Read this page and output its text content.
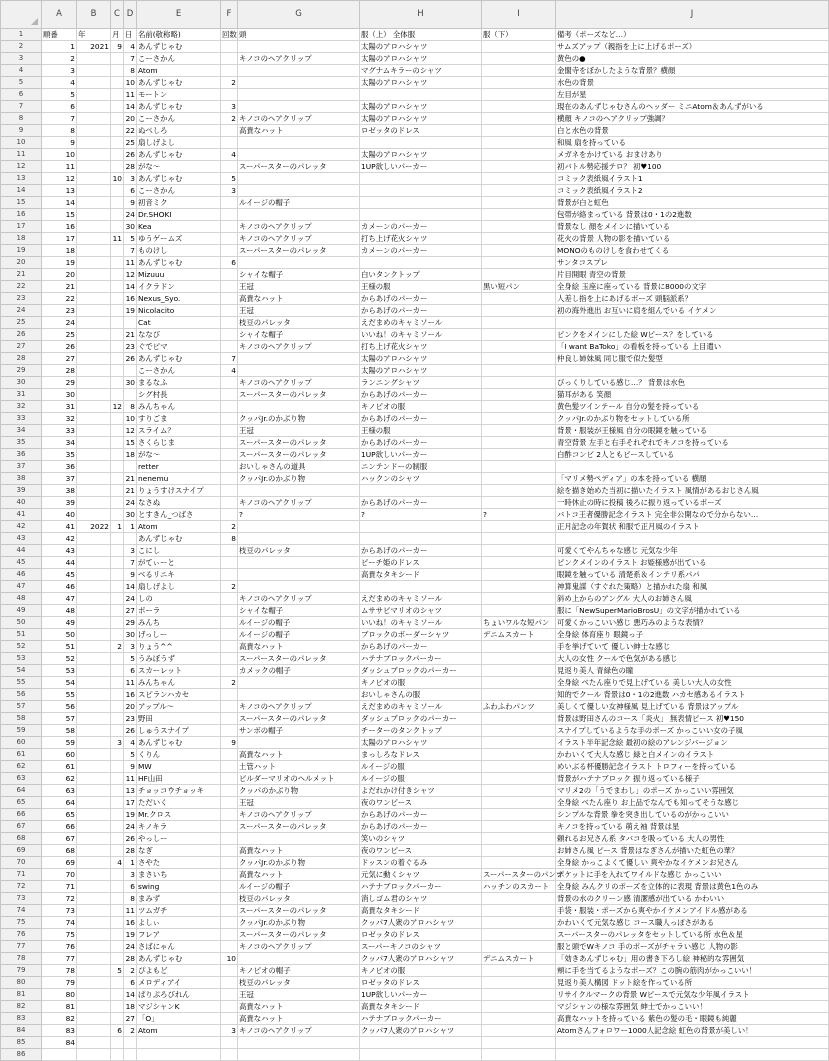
	A	B	C	D	E	F	G	H	I	J
1	順番	年	月	日	名前(敬称略)	回数	頭	服（上） 全体服	服（下）	備考（ポーズなど…）
2	1	2021	9	4	あんずじゃむ			太陽のアロハシャツ		サムズアップ（親指を上に上げるポーズ）
3	2			7	こーさかん		キノコのヘアクリップ	太陽のアロハシャツ		黄色の●
4	3			8	Atom			マグナムキラーのシャツ		金閣寺をぼかしたような背景？横顔
5	4			10	あんずじゃむ	2		太陽のアロハシャツ		水色の背景
6	5			11	モートン					左目が星
7	6			14	あんずじゃむ	3		太陽のアロハシャツ		現在のあんずじゃむさんのヘッダー ミニAtom＆あんずがいる
8	7			20	こーさかん	2	キノコのヘアクリップ	太陽のアロハシャツ		横顔 キノコのヘアクリップ強調？
9	8			22	ぬぺしろ		高貴なハット	ロゼッタのドレス		白と水色の背景
10	9			25	扇しげよし					和風 扇を持っている
11	10			26	あんずじゃむ	4		太陽のアロハシャツ		メガネをかけている おまけあり
12	11			28	がな～		スーパースターのパレッタ	1UP欲しいパーカー		初バトル勢応援テロ？ 初♥100
13	12		10	3	あんずじゃむ	5				コミック表紙風イラスト1
14	13			6	こーさかん	3				コミック表紙風イラスト2
15	14			9	初音ミク		ルイージの帽子			背景が白と虹色
16	15			24	Dr.SHOKI					包帯が絡まっている 背景は0・1の2進数
17	16			30	Kea		キノコのヘアクリップ	カメーンのパーカー		背景なし 顔をメインに描いている
18	17		11	5	ゆうゲームズ		キノコのヘアクリップ	打ち上げ花火シャツ		花火の背景 人物の影を描いている
19	18			7	ものけし		スーパースターのパレッタ	カメーンのパーカー		MONOのものけしを食わせてくる
20	19			11	あんずじゃむ	6				サンタコスプレ
21	20			12	Mizuuu		シャイな帽子	白いタンクトップ		片目開眼 青空の背景
22	21			14	イクラドン		王冠	王様の服	黒い短パン	全身絵 玉座に座っている 背景に8000の文字
23	22			16	Nexus_Syo.		高貴なハット	からあげのパーカー		人差し指を上にあげるポーズ 頭脳派系？
24	23			19	Nicolacito		王冠	からあげのパーカー		初の海外進出 お互いに肩を組んでいる イケメン
25	24				Cat		枝豆のパレッタ	えだまめのキャミソール		
26	25			21	ななび		シャイな帽子	いいね！のキャミソール		ピンクをメインにした絵 Wピース？をしている
27	26			23	ぐでピマ		キノコのヘアクリップ	打ち上げ花火シャツ		「I want BaToko」の看板を持っている 上目遣い
28	27			26	あんずじゃむ	7		太陽のアロハシャツ		仲良し姉妹風 同じ服で似た髪型
29	28				こーさかん	4		太陽のアロハシャツ		
30	29			30	まるなふ		キノコのヘアクリップ	ランニングシャツ		びっくりしている感じ…？ 背景は水色
31	30				シグ村長		スーパースターのパレッタ	からあげのパーカー		猫耳がある 笑顔
32	31		12	8	みんちゃん			キノピオの服		黄色髪ツインテール 自分の髪を持っている
33	32			10	すりごま		クッパJr.のかぶり物	からあげのパーカー		クッパJr.のかぶり物をセットしている所
34	33			12	スライム？		王冠	王様の服		背景・服装が王様風 自分の眼鏡を触っている
35	34			15	さくらじま		スーパースターのパレッタ	からあげのパーカー		青空背景 左手と右手それぞれでキノコを持っている
36	35			18	がな～		スーパースターのパレッタ	1UP欲しいパーカー		白酢コンビ 2人ともピースしている
37	36				retter		おいしゃさんの道具	ニンテンドーの制服		
38	37			21	nenemu		クッパJr.のかぶり物	ハックンのシャツ		「マリメ勢ペディア」の本を持っている 横顔
39	38			21	りょうすけスナイプ					絵を描き始めた当初に描いたイラスト 風情があるおじさん風
40	39			24	なさぬ		キノコのヘアクリップ	からあげのパーカー		一時休止の時に投稿 後ろに振り返っているポーズ
41	40			30	とすきん_つばさ		?	?	?	バトコ王者優勝記念イラスト 完全非公開なので分からない…
42	41	2022	1	1	Atom	2				正月記念の年賀状 和服で正月風のイラスト
43	42				あんずじゃむ	8				
44	43			3	こにし		枝豆のパレッタ	からあげのパーカー		可愛くてやんちゃな感じ 元気な少年
45	44			7	がてぃーと			ピーチ姫のドレス		ピンクメインのイラスト お姫様感が出ている
46	45			9	べるリニキ			高貴なタキシード		眼鏡を触っている 清楚系＆インテリ系パパ
47	46			14	扇しげよし	2				神算鬼謀（すぐれた策略）と描かれた扇 和風
48	47			24	しの		キノコのヘアクリップ	えだまめのキャミソール		斜め上からのアングル 大人のお姉さん風
49	48			27	ポーラ		シャイな帽子	ムササビマリオのシャツ		服に「NewSuperMarioBrosU」の文字が描かれている
50	49			29	みんち		ルイージの帽子	いいね！のキャミソール	ちょいワルな短パン	可愛くかっこいい感じ 悪巧みのような表情？
51	50			30	げっしー		ルイージの帽子	ブロックのボーダーシャツ	デニムスカート	全身絵 体育座り 眼鏡っ子
52	51		2	3	りょう^^		高貴なハット	からあげのパーカー		手を挙げていて 優しい紳士な感じ
53	52			5	うみぼうず		スーパースターのパレッタ	ハテナブロックパーカー		大人の女性 クールで色気がある感じ
54	53			6	スカーレット		カメックの帽子	ダッシュブロックのパーカー		見返り美人 青緑色の瞳
55	54			11	みんちゃん	2		キノピオの服		全身絵 べたん座りで見上げている 美しい大人の女性
56	55			16	スピランハカセ			おいしゃさんの服		知的でクール 背景は0・1の2進数 ハカセ感あるイラスト
57	56			20	アップル～		キノコのヘアクリップ	えだまめのキャミソール	ふわふわパンツ	美しくて優しい女神様風 見上げている 背景はアップル
58	57			23	野田		スーパースターのパレッタ	ダッシュブロックのパーカー		背景は野田さんのコース「炎火」 無表情ピース 初♥150
59	58			26	しゅうスナイプ		サンボの帽子	チーターのタンクトップ		スナイプしているような手のポーズ かっこいい女の子風
60	59		3	4	あんずじゃむ	9		太陽のアロハシャツ		イラスト半年記念絵 最初の絵のアレンジバージョン
61	60			5	くりん		高貴なハット	まっしろなドレス		かわいくて大人な感じ 緑と白メインのイラスト
62	61			9	MW		土管ハット	ルイージの服		めいぶる杯優勝記念イラスト トロフィーを持っている
63	62			11	HF山田		ビルダーマリオのヘルメット	ルイージの服		背景がハテナブロック 振り返っている様子
64	63			13	チョッコウチョッキ		クッパのかぶり物	よだれかけ付きシャツ		マリメ2の「うでまわし」のポーズ かっこいい雰囲気
65	64			17	ただいく		王冠	夜のワンピース		全身絵 べたん座り お上品でなんでも知ってそうな感じ
66	65			19	Mr.クロス		キノコのヘアクリップ	からあげのパーカー		シンプルな背景 拳を突き出しているのがかっこいい
67	66			24	キノキラ		スーパースターのパレッタ	からあげのパーカー		キノコを持っている 萌え袖 背景は星
68	67			26	やっしー			笑いのシャツ		頼れるお兄さん系 タバコを吸っている 大人の男性
69	68			28	なぎ		高貴なハット	夜のワンピース		お姉さん風 ピース 背景はなぎさんが描いた虹色の華？
70	69		4	1	さやた		クッパJr.のかぶり物	ドッスンの着ぐるみ		全身絵 かっこよくて優しい 爽やかなイケメンお兄さん
71	70			3	まさいち		高貴なハット	元気に動くシャツ	スーパースターのパンツ	ポケットに手を入れてワイルドな感じ かっこいい
72	71			6	swing		ルイージの帽子	ハテナブロックパーカー	ハッチンのスカート	全身絵 みんクリのポーズを立体的に表現 背景は黄色1色のみ
73	72			8	まみず		枝豆のパレッタ	消しゴム君のシャツ		背景の水のクリーン感 清潔感が出ている かわいい
74	73			11	ツムガチ		スーパースターのパレッタ	高貴なタキシード		手袋・服装・ポーズから爽やかイケメンアイドル感がある
75	74			16	よしぃ		クッパJr.のかぶり物	クッパ7人衆のアロハシャツ		かわいくて元気な感じ コース職人っぽさがある
76	75			19	フレア		スーパースターのパレッタ	ロゼッタのドレス		スーパースターのパレッタをセットしている所 水色＆星
77	76			24	さばにゃん		キノコのヘアクリップ	スーパーキノコのシャツ		服と頭でWキノコ 手のポーズがチャラい感じ 人物の影
78	77			28	あんずじゃむ	10		クッパ7人衆のアロハシャツ	デニムスカート	「効きあんずじゃむ」用の書き下ろし絵 神秘的な雰囲気
79	78		5	2	ぴよもど		キノピオの帽子	キノピオの服		頬に手を当てるようなポーズ？この腕の筋肉がかっこいい！
80	79			6	メロディアイ		枝豆のパレッタ	ロゼッタのドレス		見返り美人構図 ドット絵を作っている所
81	80			14	ぱりぷろびれん		王冠	1UP欲しいパーカー		リサイクルマークの背景 Wピースで元気な少年風イラスト
82	81			18	マジシャンK		高貴なハット	高貴なタキシード		マジシャンの様な雰囲気 紳士でかっこいい！
83	82			27	「O」		高貴なハット	ハテナブロックパーカー		高貴なハットを持っている 紫色の髪の毛・眼鏡も純麗
84	83		6	2	Atom	3	キノコのヘアクリップ	クッパ7人衆のアロハシャツ		Atomさんフォロワー1000人記念絵 虹色の背景が美しい！
85	84									
86										
